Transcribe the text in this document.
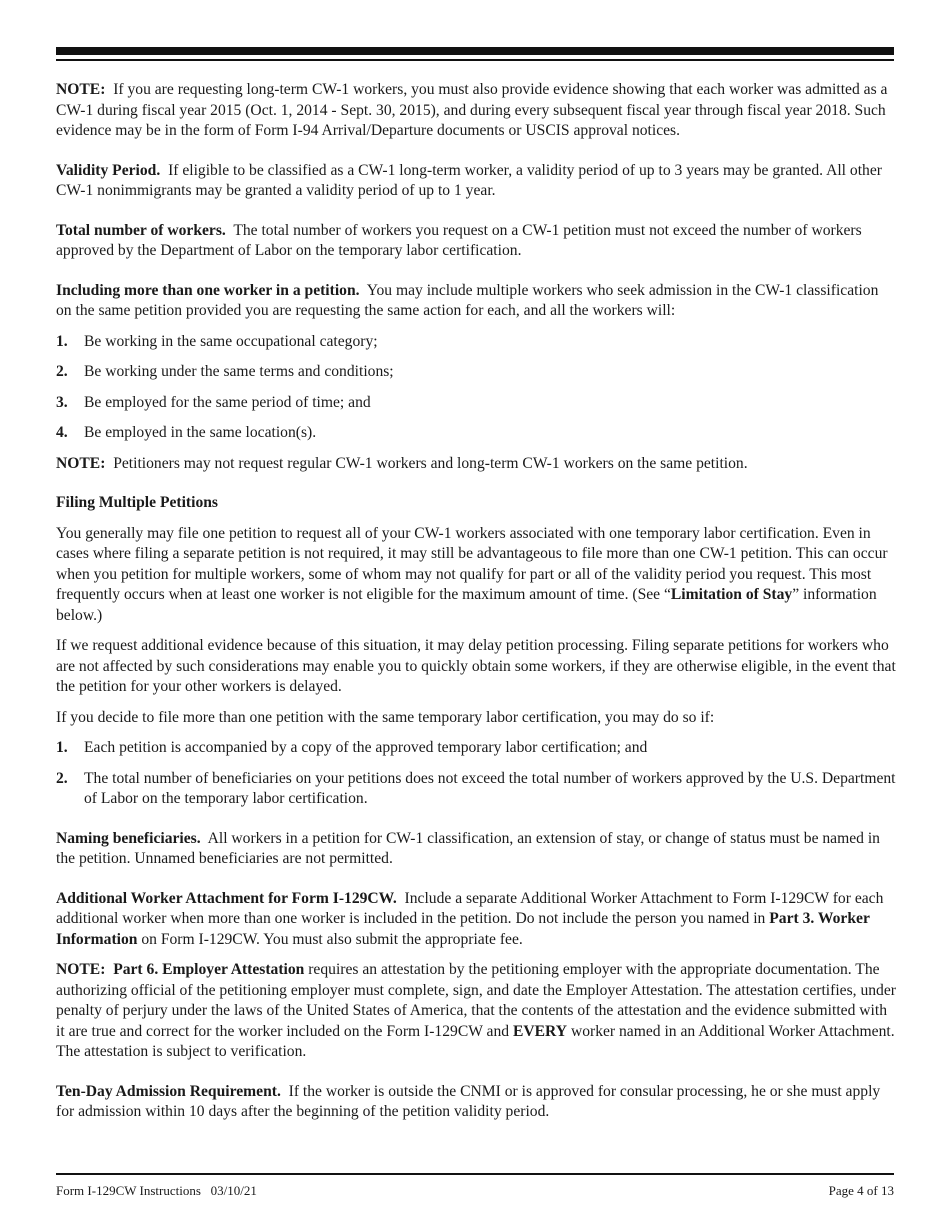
NOTE: If you are requesting long-term CW-1 workers, you must also provide evidence showing that each worker was admitted as a CW-1 during fiscal year 2015 (Oct. 1, 2014 - Sept. 30, 2015), and during every subsequent fiscal year through fiscal year 2018. Such evidence may be in the form of Form I-94 Arrival/Departure documents or USCIS approval notices.

Validity Period. If eligible to be classified as a CW-1 long-term worker, a validity period of up to 3 years may be granted. All other CW-1 nonimmigrants may be granted a validity period of up to 1 year.

Total number of workers. The total number of workers you request on a CW-1 petition must not exceed the number of workers approved by the Department of Labor on the temporary labor certification.

Including more than one worker in a petition. You may include multiple workers who seek admission in the CW-1 classification on the same petition provided you are requesting the same action for each, and all the workers will:

1.	Be working in the same occupational category;
2.	Be working under the same terms and conditions;
3.	Be employed for the same period of time; and
4.	Be employed in the same location(s).

NOTE: Petitioners may not request regular CW-1 workers and long-term CW-1 workers on the same petition.

Filing Multiple Petitions

You generally may file one petition to request all of your CW-1 workers associated with one temporary labor certification. Even in cases where filing a separate petition is not required, it may still be advantageous to file more than one CW-1 petition. This can occur when you petition for multiple workers, some of whom may not qualify for part or all of the validity period you request. This most frequently occurs when at least one worker is not eligible for the maximum amount of time. (See “Limitation of Stay” information below.)

If we request additional evidence because of this situation, it may delay petition processing. Filing separate petitions for workers who are not affected by such considerations may enable you to quickly obtain some workers, if they are otherwise eligible, in the event that the petition for your other workers is delayed.

If you decide to file more than one petition with the same temporary labor certification, you may do so if:

1.	Each petition is accompanied by a copy of the approved temporary labor certification; and
2.	The total number of beneficiaries on your petitions does not exceed the total number of workers approved by the U.S. Department of Labor on the temporary labor certification.

Naming beneficiaries. All workers in a petition for CW-1 classification, an extension of stay, or change of status must be named in the petition. Unnamed beneficiaries are not permitted.

Additional Worker Attachment for Form I-129CW. Include a separate Additional Worker Attachment to Form I-129CW for each additional worker when more than one worker is included in the petition. Do not include the person you named in Part 3. Worker Information on Form I-129CW. You must also submit the appropriate fee.

NOTE: Part 6. Employer Attestation requires an attestation by the petitioning employer with the appropriate documentation. The authorizing official of the petitioning employer must complete, sign, and date the Employer Attestation. The attestation certifies, under penalty of perjury under the laws of the United States of America, that the contents of the attestation and the evidence submitted with it are true and correct for the worker included on the Form I-129CW and EVERY worker named in an Additional Worker Attachment. The attestation is subject to verification.

Ten-Day Admission Requirement. If the worker is outside the CNMI or is approved for consular processing, he or she must apply for admission within 10 days after the beginning of the petition validity period.

Form I-129CW Instructions   03/10/21	Page 4 of 13
